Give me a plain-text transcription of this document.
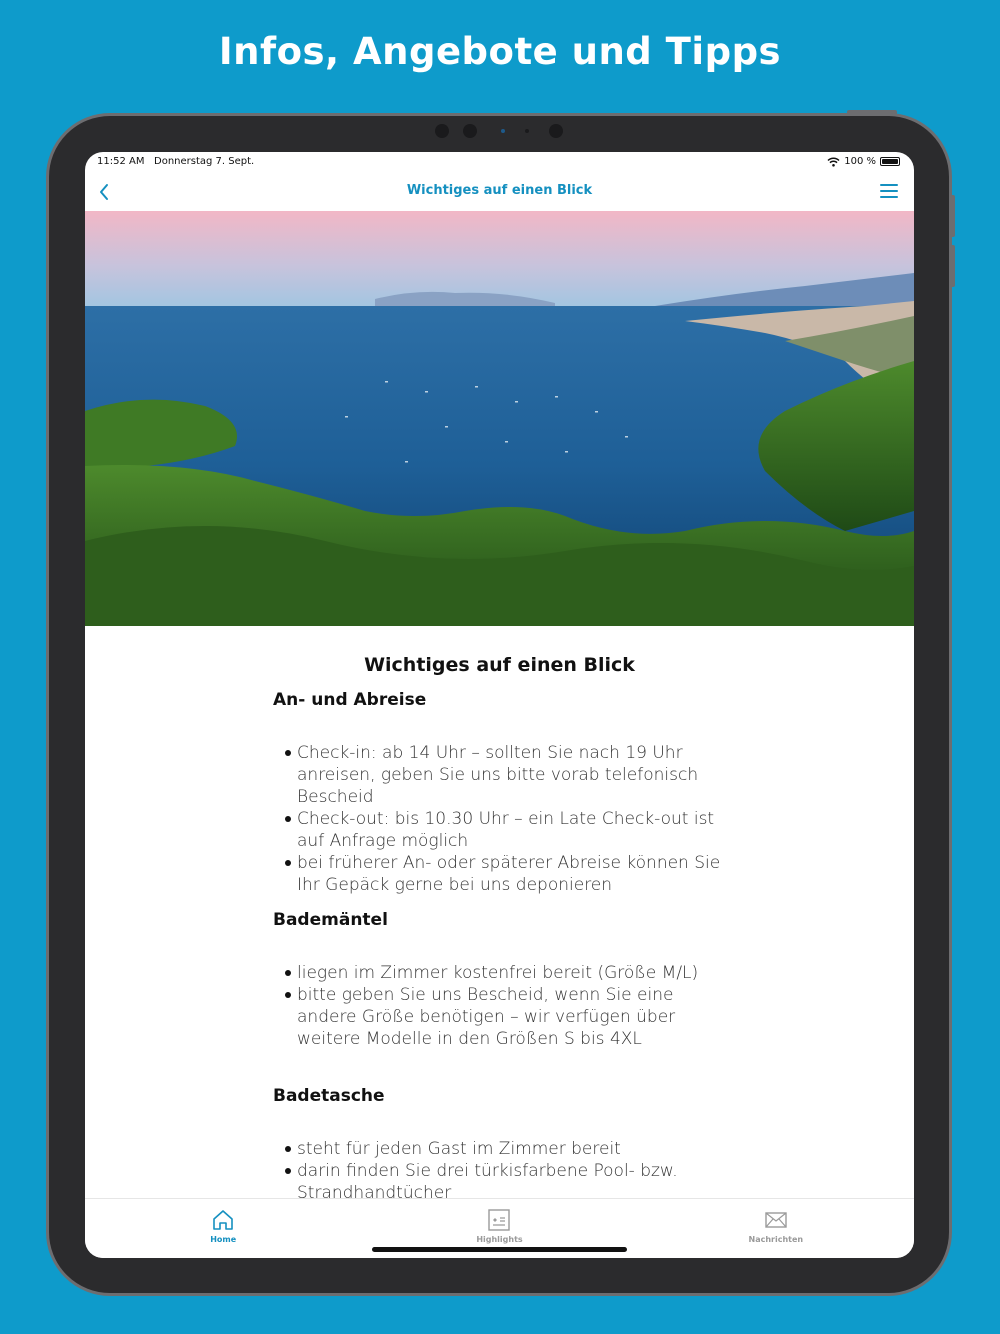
Infos, Angebote und Tipps
11:52 AM Donnerstag 7. Sept.	100 %
Wichtiges auf einen Blick
Wichtiges auf einen Blick
An- und Abreise
Check-in: ab 14 Uhr – sollten Sie nach 19 Uhr anreisen, geben Sie uns bitte vorab telefonisch Bescheid
Check-out: bis 10.30 Uhr – ein Late Check-out ist auf Anfrage möglich
bei früherer An- oder späterer Abreise können Sie Ihr Gepäck gerne bei uns deponieren
Bademäntel
liegen im Zimmer kostenfrei bereit (Größe M/L)
bitte geben Sie uns Bescheid, wenn Sie eine andere Größe benötigen – wir verfügen über weitere Modelle in den Größen S bis 4XL
Badetasche
steht für jeden Gast im Zimmer bereit
darin finden Sie drei türkisfarbene Pool- bzw. Strandhandtücher
Home	Highlights	Nachrichten
